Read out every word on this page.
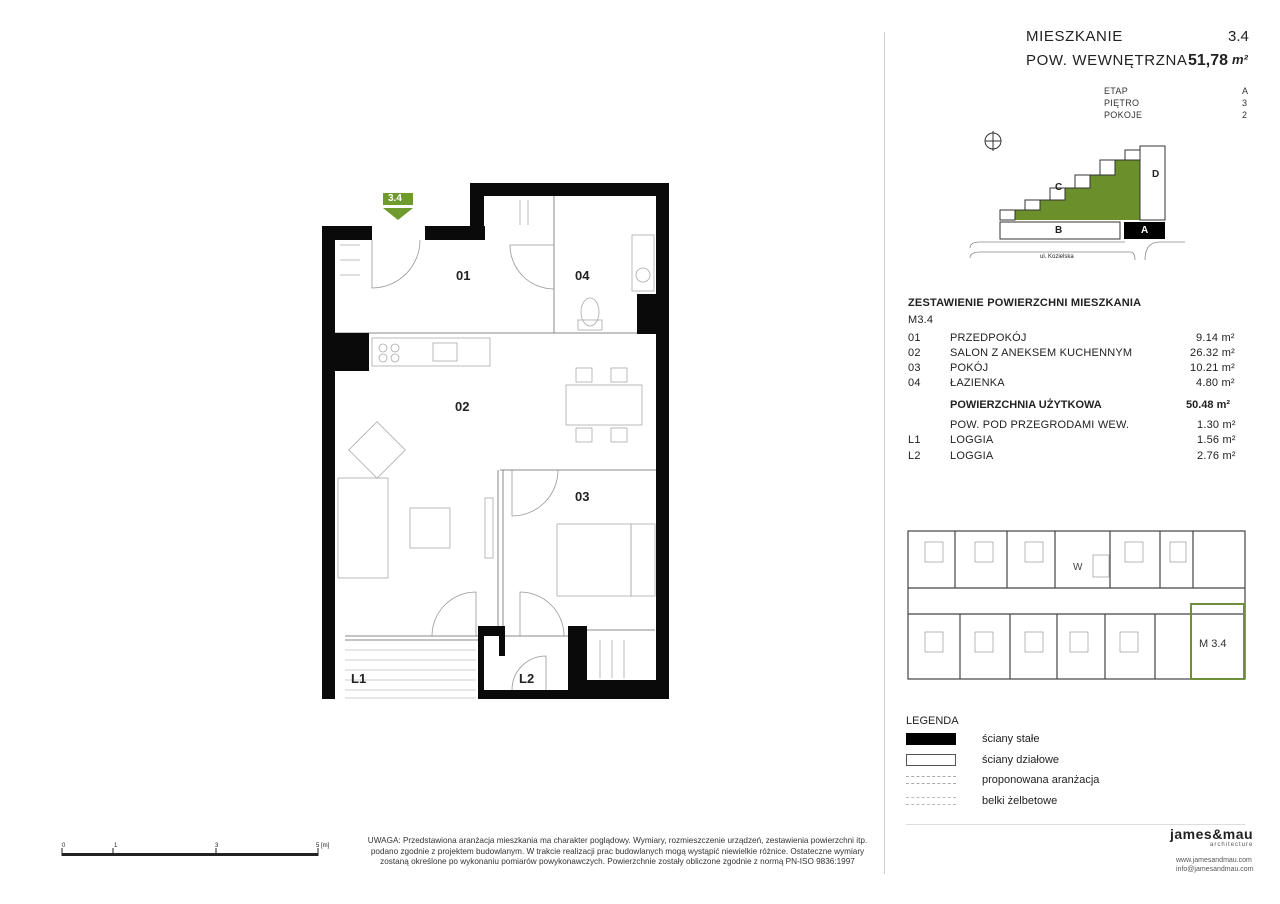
3.4
01
02
03
04
L1	L2
0	1	3	5 [m]
UWAGA: Przedstawiona aranżacja mieszkania ma charakter poglądowy. Wymiary, rozmieszczenie urządzeń, zestawienia powierzchni itp. podano zgodnie z projektem budowlanym. W trakcie realizacji prac budowlanych mogą wystąpić niewielkie różnice. Ostateczne wymiary zostaną określone po wykonaniu pomiarów powykonawczych. Powierzchnie zostały obliczone zgodnie z normą PN-ISO 9836:1997
MIESZKANIE	3.4
POW. WEWNĘTRZNA 51,78 m²
ETAP	A
PIĘTRO	3
POKOJE	2
C
D
B	A
ul. Kozielska
ZESTAWIENIE POWIERZCHNI MIESZKANIA
M3.4
01	PRZEDPOKÓJ	9.14 m²
02	SALON Z ANEKSEM KUCHENNYM	26.32 m²
03	POKÓJ	10.21 m²
04	ŁAZIENKA	4.80 m²
POWIERZCHNIA UŻYTKOWA	50.48 m²
POW. POD PRZEGRODAMI WEW.	1.30 m²
L1	LOGGIA	1.56 m²
L2	LOGGIA	2.76 m²
W
M 3.4
LEGENDA
ściany stałe
ściany działowe
proponowana aranżacja
belki żelbetowe
james&mau
architecture
www.jamesandmau.com
info@jamesandmau.com
